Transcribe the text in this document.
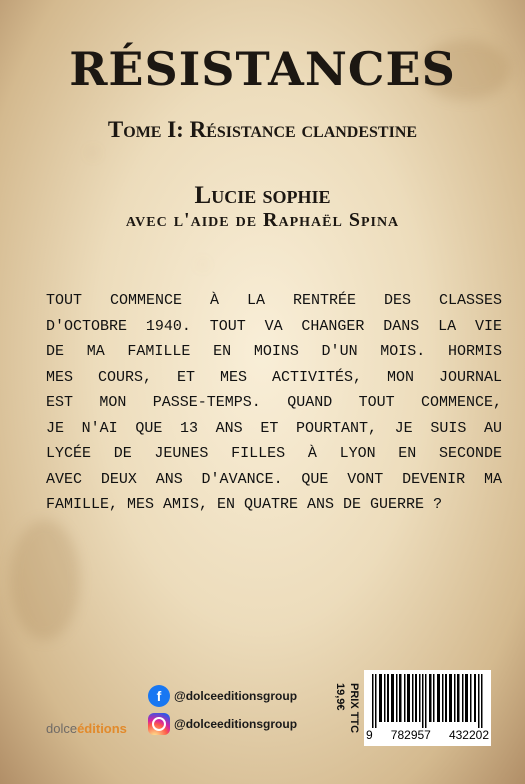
RÉSISTANCES
Tome I: Résistance clandestine
Lucie sophie
avec l'aide de Raphaël Spina
TOUT COMMENCE À LA RENTRÉE DES CLASSES
D'OCTOBRE 1940. TOUT VA CHANGER DANS LA VIE
DE MA FAMILLE EN MOINS D'UN MOIS. HORMIS
MES COURS, ET MES ACTIVITÉS, MON JOURNAL
EST MON PASSE-TEMPS. QUAND TOUT COMMENCE,
JE N'AI QUE 13 ANS ET POURTANT, JE SUIS AU
LYCÉE DE JEUNES FILLES À LYON EN SECONDE
AVEC DEUX ANS D'AVANCE. QUE VONT DEVENIR MA
FAMILLE, MES AMIS, EN QUATRE ANS DE GUERRE ?
f	@dolceeditionsgroup
@dolceeditionsgroup
dolceéditions	PRIX TTC
19,9€
9 782957 432202
